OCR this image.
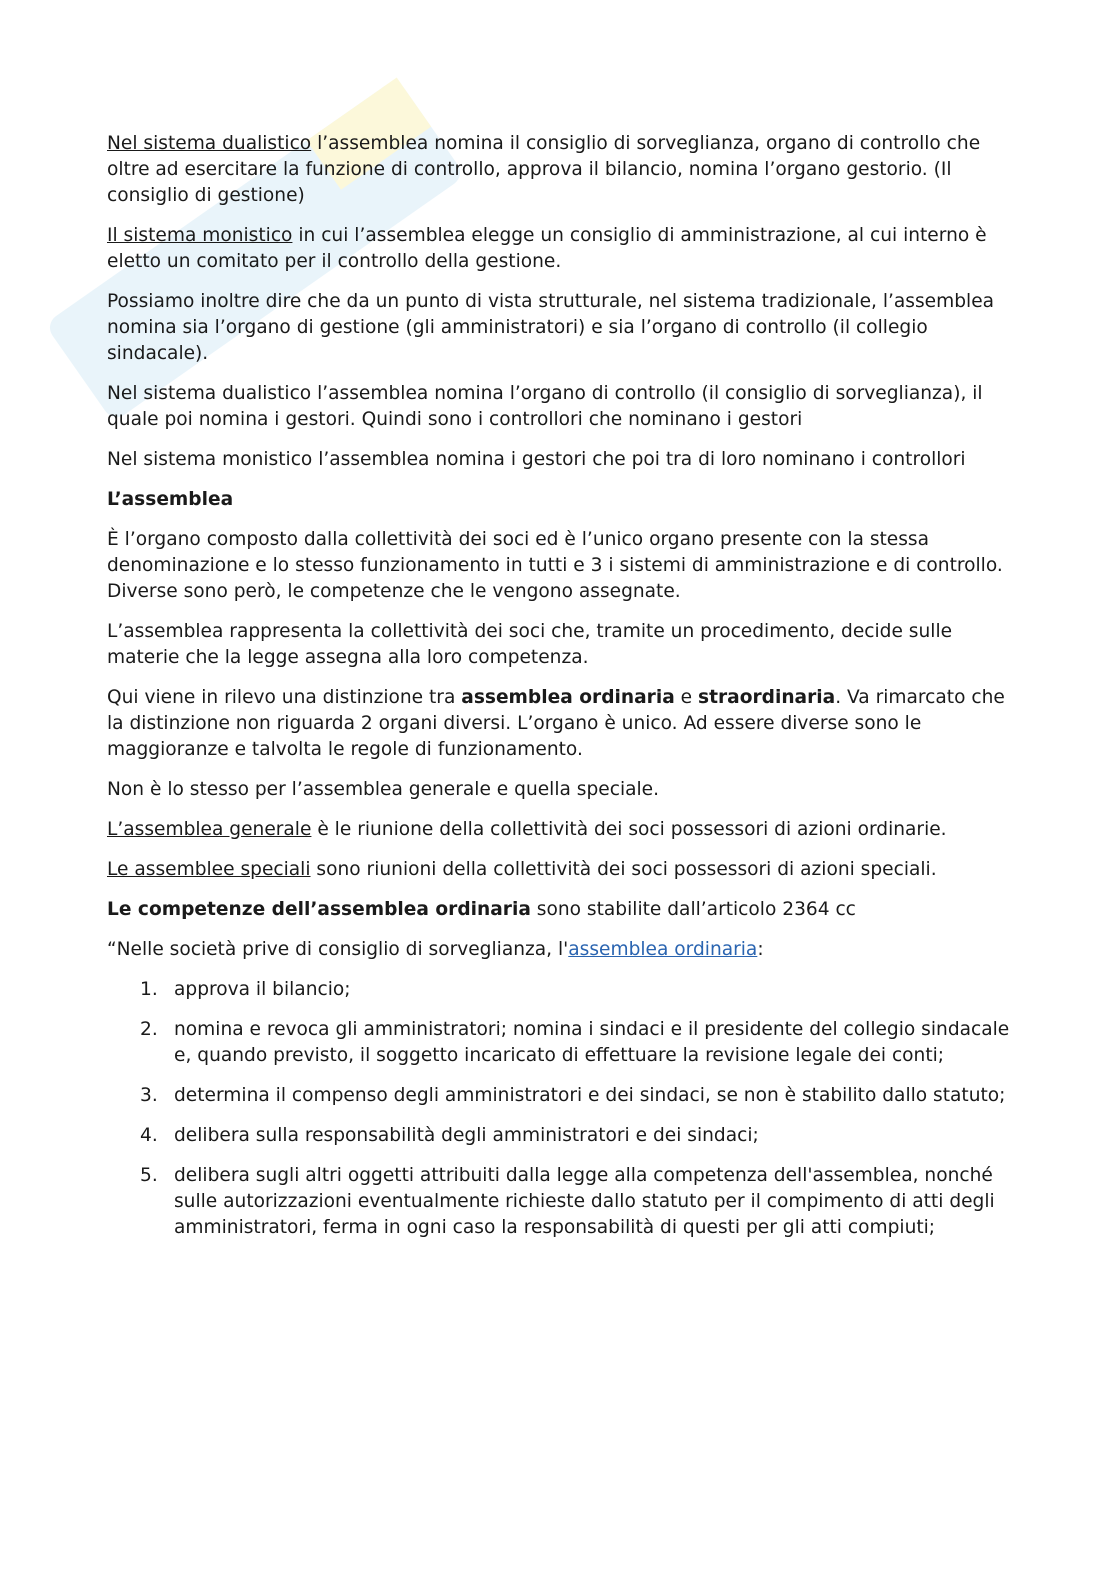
Nel sistema dualistico l’assemblea nomina il consiglio di sorveglianza, organo di controllo che oltre ad esercitare la funzione di controllo, approva il bilancio, nomina l’organo gestorio. (Il consiglio di gestione)

Il sistema monistico in cui l’assemblea elegge un consiglio di amministrazione, al cui interno è eletto un comitato per il controllo della gestione.

Possiamo inoltre dire che da un punto di vista strutturale, nel sistema tradizionale, l’assemblea nomina sia l’organo di gestione (gli amministratori) e sia l’organo di controllo (il collegio sindacale).

Nel sistema dualistico l’assemblea nomina l’organo di controllo (il consiglio di sorveglianza), il quale poi nomina i gestori. Quindi sono i controllori che nominano i gestori

Nel sistema monistico l’assemblea nomina i gestori che poi tra di loro nominano i controllori

L’assemblea

È l’organo composto dalla collettività dei soci ed è l’unico organo presente con la stessa denominazione e lo stesso funzionamento in tutti e 3 i sistemi di amministrazione e di controllo. Diverse sono però, le competenze che le vengono assegnate.

L’assemblea rappresenta la collettività dei soci che, tramite un procedimento, decide sulle materie che la legge assegna alla loro competenza.

Qui viene in rilevo una distinzione tra assemblea ordinaria e straordinaria. Va rimarcato che la distinzione non riguarda 2 organi diversi. L’organo è unico. Ad essere diverse sono le maggioranze e talvolta le regole di funzionamento.

Non è lo stesso per l’assemblea generale e quella speciale.

L’assemblea generale è le riunione della collettività dei soci possessori di azioni ordinarie.

Le assemblee speciali sono riunioni della collettività dei soci possessori di azioni speciali.

Le competenze dell’assemblea ordinaria sono stabilite dall’articolo 2364 cc

“Nelle società prive di consiglio di sorveglianza, l'assemblea ordinaria:

1. approva il bilancio;
2. nomina e revoca gli amministratori; nomina i sindaci e il presidente del collegio sindacale e, quando previsto, il soggetto incaricato di effettuare la revisione legale dei conti;
3. determina il compenso degli amministratori e dei sindaci, se non è stabilito dallo statuto;
4. delibera sulla responsabilità degli amministratori e dei sindaci;
5. delibera sugli altri oggetti attribuiti dalla legge alla competenza dell'assemblea, nonché sulle autorizzazioni eventualmente richieste dallo statuto per il compimento di atti degli amministratori, ferma in ogni caso la responsabilità di questi per gli atti compiuti;
